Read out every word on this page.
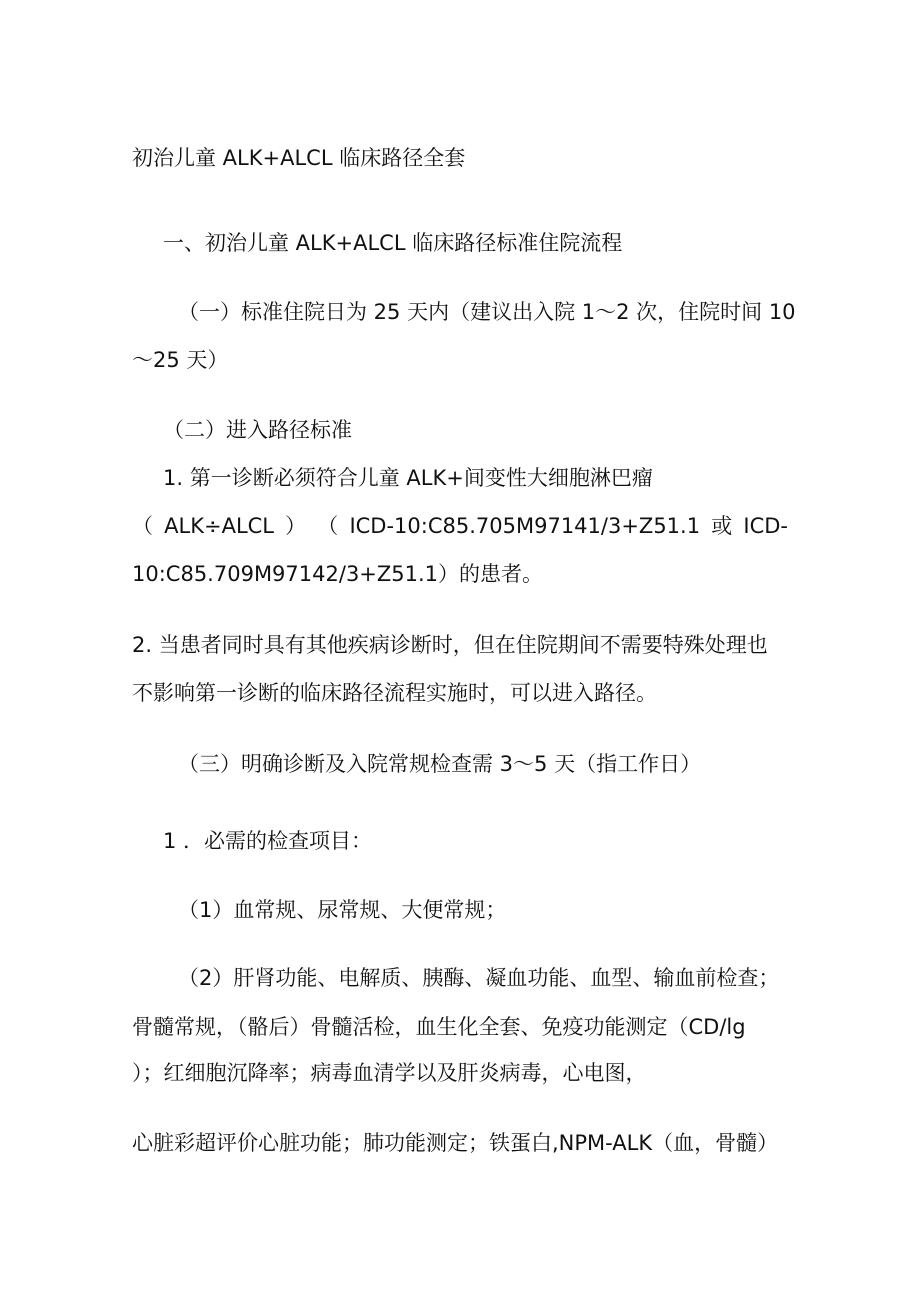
初治儿童 ALK+ALCL 临床路径全套
一、初治儿童 ALK+ALCL 临床路径标准住院流程
（一）标准住院日为 25 天内（建议出入院 1～2 次，住院时间 10
～25 天）
（二）进入路径标准
1. 第一诊断必须符合儿童 ALK+间变性大细胞淋巴瘤
（ ALK÷ALCL ） （ ICD-10:C85.705M97141/3+Z51.1 或 ICD-
10:C85.709M97142/3+Z51.1）的患者。
2. 当患者同时具有其他疾病诊断时，但在住院期间不需要特殊处理也
不影响第一诊断的临床路径流程实施时，可以进入路径。
（三）明确诊断及入院常规检查需 3～5 天（指工作日）
1 ．必需的检查项目：
（1）血常规、尿常规、大便常规；
（2）肝肾功能、电解质、胰酶、凝血功能、血型、输血前检查；
骨髓常规，（骼后）骨髓活检，血生化全套、免疫功能测定（CD/lg
）；红细胞沉降率；病毒血清学以及肝炎病毒，心电图，
心脏彩超评价心脏功能；肺功能测定；铁蛋白,NPM-ALK（血，骨髓）
